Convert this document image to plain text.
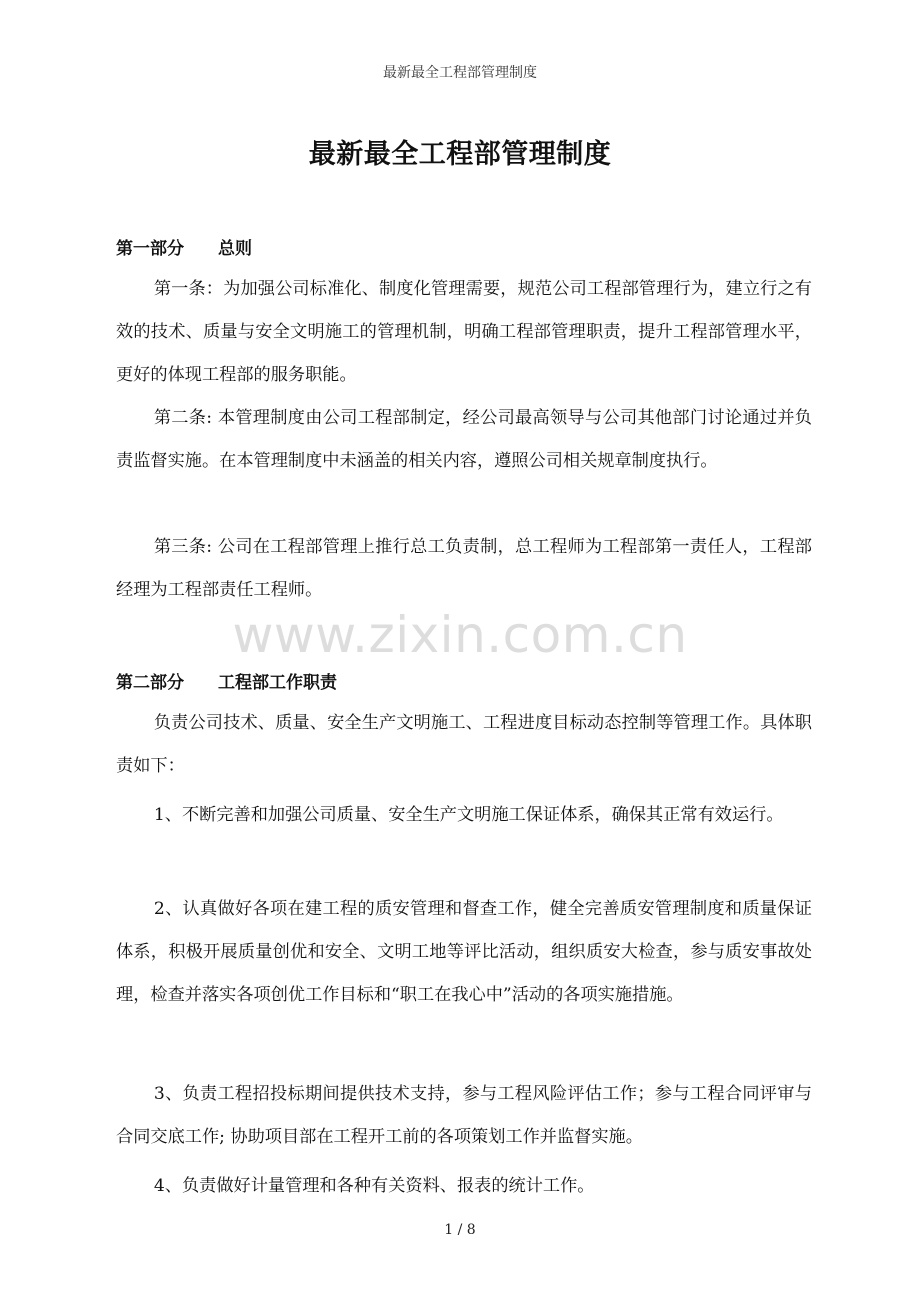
最新最全工程部管理制度
最新最全工程部管理制度
www.zixin.com.cn
第一部分 总则

第一条：为加强公司标准化、制度化管理需要，规范公司工程部管理行为，建立行之有效的技术、质量与安全文明施工的管理机制，明确工程部管理职责，提升工程部管理水平，更好的体现工程部的服务职能。

第二条: 本管理制度由公司工程部制定，经公司最高领导与公司其他部门讨论通过并负责监督实施。在本管理制度中未涵盖的相关内容，遵照公司相关规章制度执行。

第三条: 公司在工程部管理上推行总工负责制，总工程师为工程部第一责任人，工程部经理为工程部责任工程师。

第二部分 工程部工作职责

负责公司技术、质量、安全生产文明施工、工程进度目标动态控制等管理工作。具体职责如下：

1、不断完善和加强公司质量、安全生产文明施工保证体系，确保其正常有效运行。

2、认真做好各项在建工程的质安管理和督查工作，健全完善质安管理制度和质量保证体系，积极开展质量创优和安全、文明工地等评比活动，组织质安大检查，参与质安事故处理，检查并落实各项创优工作目标和“职工在我心中”活动的各项实施措施。

3、负责工程招投标期间提供技术支持，参与工程风险评估工作；参与工程合同评审与合同交底工作; 协助项目部在工程开工前的各项策划工作并监督实施。

4、负责做好计量管理和各种有关资料、报表的统计工作。

1 / 8
